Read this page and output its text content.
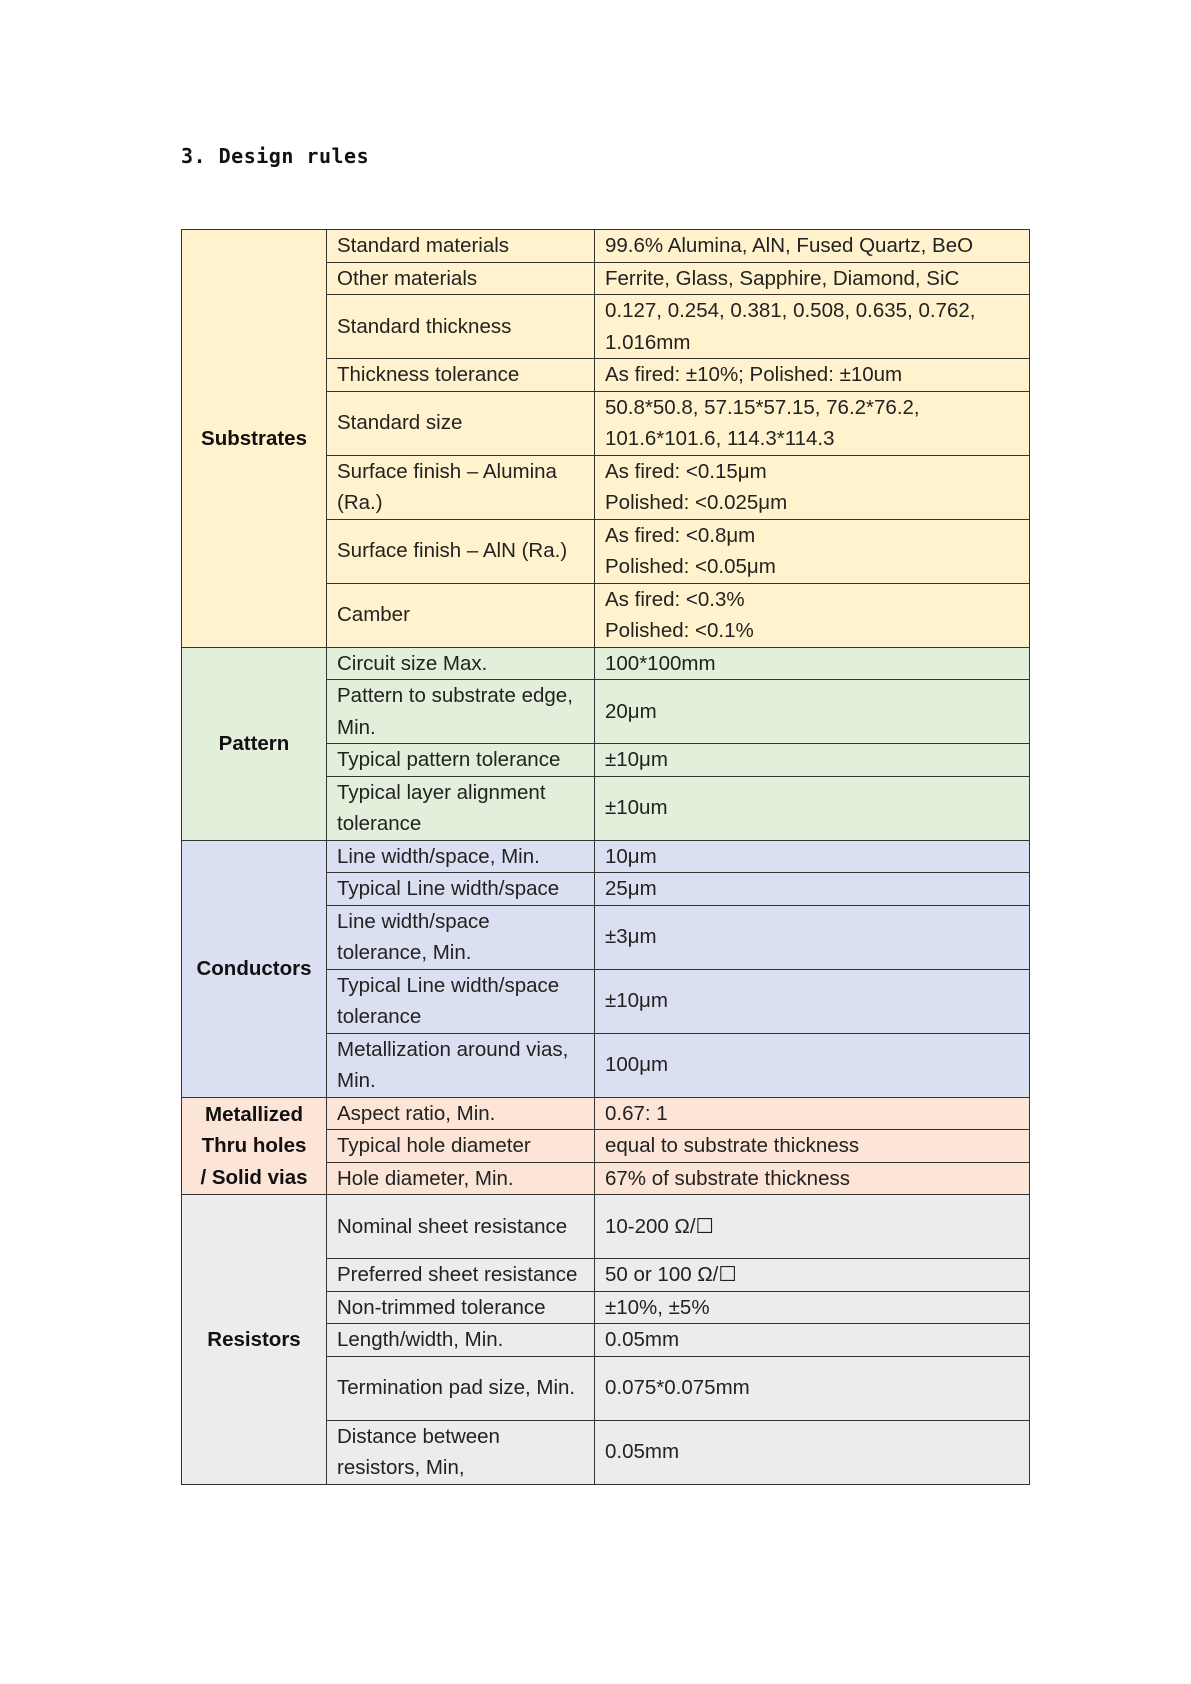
3. Design rules
Substrates	Standard materials	99.6% Alumina, AlN, Fused Quartz, BeO
	Other materials	Ferrite, Glass, Sapphire, Diamond, SiC
	Standard thickness	0.127, 0.254, 0.381, 0.508, 0.635, 0.762, 1.016mm
	Thickness tolerance	As fired: ±10%; Polished: ±10um
	Standard size	50.8*50.8, 57.15*57.15, 76.2*76.2, 101.6*101.6, 114.3*114.3
	Surface finish – Alumina (Ra.)	As fired: <0.15μm
Polished: <0.025μm

	Surface finish – AlN (Ra.)	As fired: <0.8μm
Polished: <0.05μm

	Camber	As fired: <0.3%
Polished: <0.1%

Pattern	Circuit size Max.	100*100mm
	Pattern to substrate edge, Min.	20μm
	Typical pattern tolerance	±10μm
	Typical layer alignment tolerance	±10um
Conductors	Line width/space, Min.	10μm
	Typical Line width/space	25μm
	Line width/space tolerance, Min.	±3μm
	Typical Line width/space tolerance	±10μm
	Metallization around vias, Min.	100μm

Metallized
Thru holes
/ Solid vias	Aspect ratio, Min.	0.67: 1
	Typical hole diameter	equal to substrate thickness
	Hole diameter, Min.	67% of substrate thickness
Resistors	Nominal sheet resistance	10-200 Ω/☐
	Preferred sheet resistance	50 or 100 Ω/☐
	Non-trimmed tolerance	±10%, ±5%
	Length/width, Min.	0.05mm
	Termination pad size, Min.	0.075*0.075mm
	Distance between resistors, Min,	0.05mm
